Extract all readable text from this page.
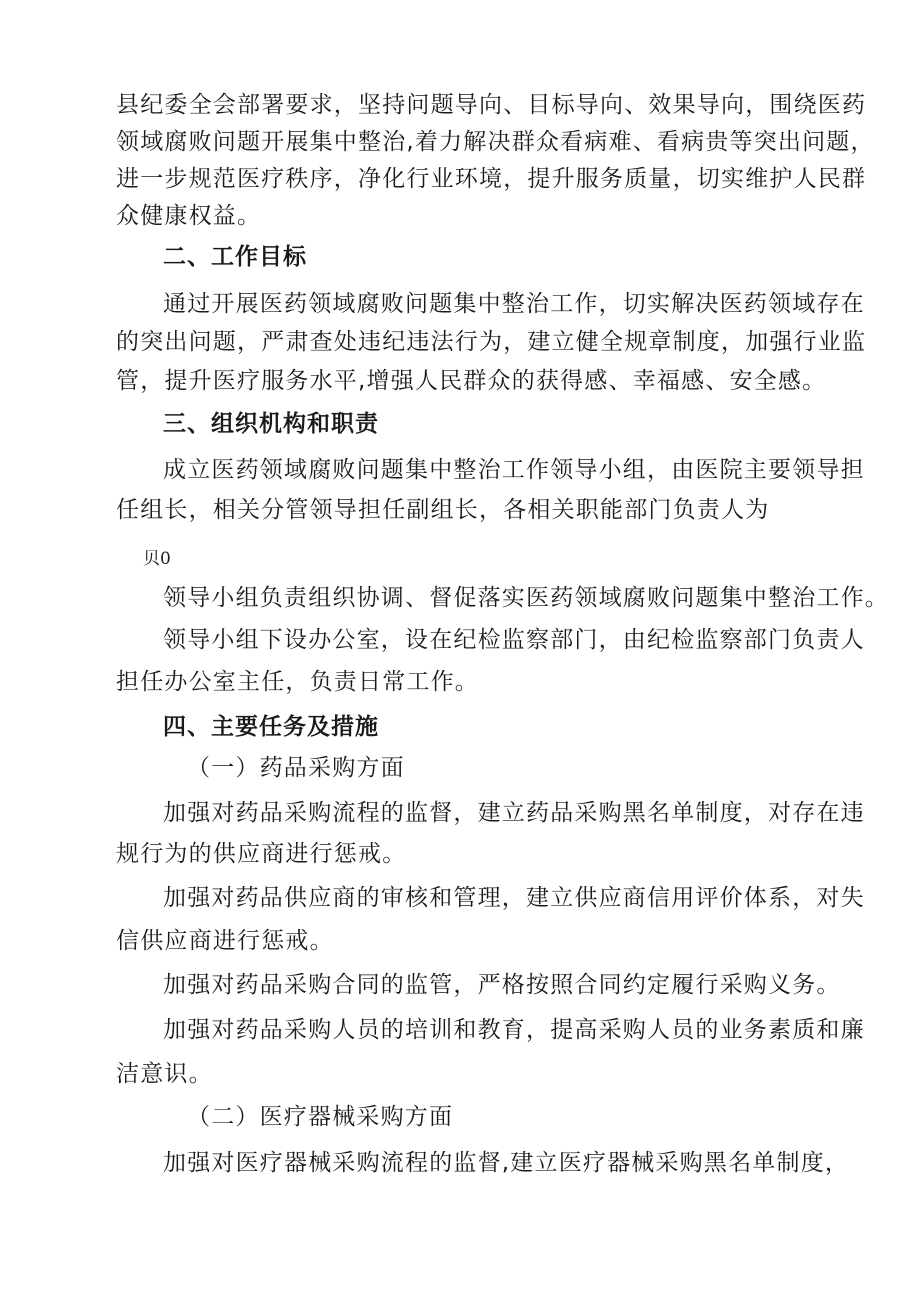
县纪委全会部署要求，坚持问题导向、目标导向、效果导向，围绕医药
领域腐败问题开展集中整治,着力解决群众看病难、看病贵等突出问题，
进一步规范医疗秩序，净化行业环境，提升服务质量，切实维护人民群
众健康权益。
二、工作目标
通过开展医药领域腐败问题集中整治工作，切实解决医药领域存在
的突出问题，严肃查处违纪违法行为，建立健全规章制度，加强行业监
管，提升医疗服务水平,增强人民群众的获得感、幸福感、安全感。
三、组织机构和职责
成立医药领域腐败问题集中整治工作领导小组，由医院主要领导担
任组长，相关分管领导担任副组长，各相关职能部门负责人为
贝0
领导小组负责组织协调、督促落实医药领域腐败问题集中整治工作。
领导小组下设办公室，设在纪检监察部门，由纪检监察部门负责人
担任办公室主任，负责日常工作。
四、主要任务及措施
（一）药品采购方面
加强对药品采购流程的监督，建立药品采购黑名单制度，对存在违
规行为的供应商进行惩戒。
加强对药品供应商的审核和管理，建立供应商信用评价体系，对失
信供应商进行惩戒。
加强对药品采购合同的监管，严格按照合同约定履行采购义务。
加强对药品采购人员的培训和教育，提高采购人员的业务素质和廉
洁意识。
（二）医疗器械采购方面
加强对医疗器械采购流程的监督,建立医疗器械采购黑名单制度，
